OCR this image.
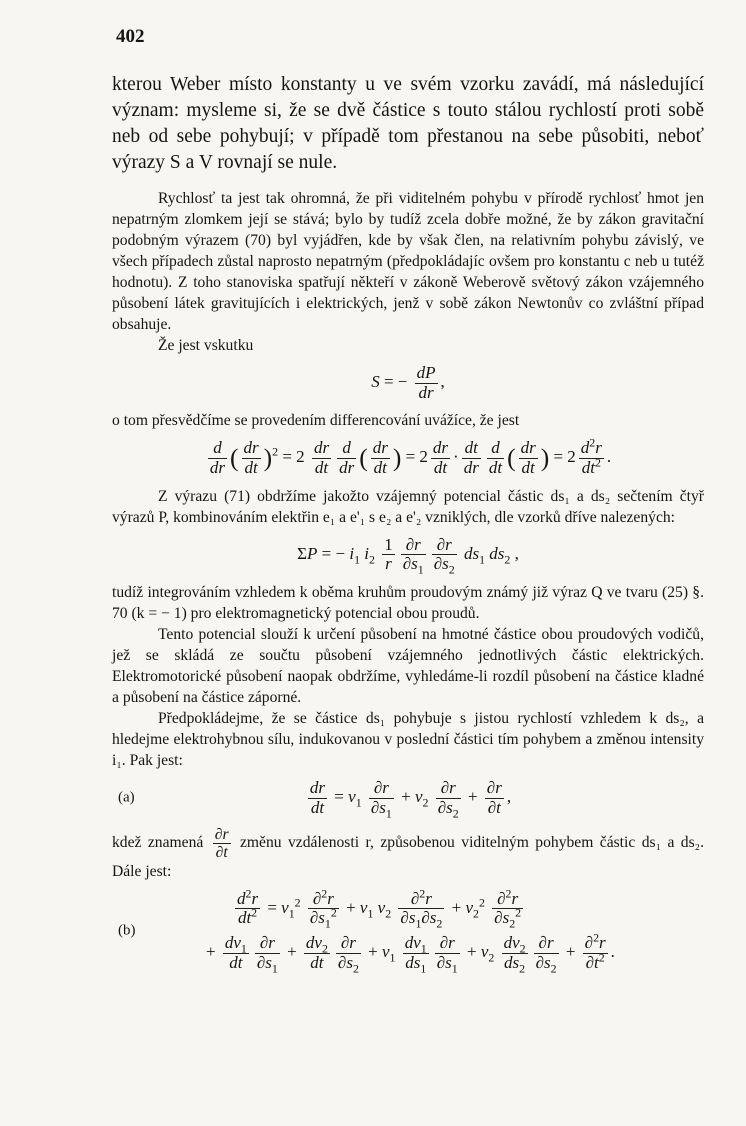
402

kterou Weber místo konstanty u ve svém vzorku zavádí, má následující význam: mysleme si, že se dvě částice s touto stálou rychlostí proti sobě neb od sebe pohybují; v případě tom přestanou na sebe působiti, neboť výrazy S a V rovnají se nule.

Rychlosť ta jest tak ohromná, že při viditelném pohybu v přírodě rychlosť hmot jen nepatrným zlomkem její se stává; bylo by tudíž zcela dobře možné, že by zákon gravitační podobným výrazem (70) byl vyjádřen, kde by však člen, na relativním pohybu závislý, ve všech případech zůstal naprosto nepatrným (předpokládajíc ovšem pro konstantu c neb u tutéž hodnotu). Z toho stanoviska spatřují někteří v zákoně Weberově světový zákon vzájemného působení látek gravitujících i elektrických, jenž v sobě zákon Newtonův co zvláštní případ obsahuje.

Že jest vskutku

S = − $\frac{dP}{dr}$ ,

o tom přesvědčíme se provedením differencování uvážíce, že jest

$\frac{d}{dr}$ ( $\frac{dr}{dt} )^2 = 2 \frac{dr}{dt} \frac{d}{dr}$ ( $\frac{dr}{dt}$ ) = $2 \frac{dr}{dt} \cdot \frac{dt}{dr} \frac{d}{dt}$ ( $\frac{dr}{dt}$ ) = $2 \frac{d^2r}{dt^2}$ .

Z výrazu (71) obdržíme jakožto vzájemný potencial částic ds₁ a ds₂ sečtením čtyř výrazů P, kombinováním elektřin e₁ a e'₁ s e₂ a e'₂ vzniklých, dle vzorků dříve nalezených:

ΣP = − $i_1$ $i_2 \frac{1}{r} \frac{\partial r}{\partial s_1} \frac{\partial r}{\partial s_2} ds_1$ $ds_2$ ,

tudíž integrováním vzhledem k oběma kruhům proudovým známý již výraz Q ve tvaru (25) §. 70 (k = − 1) pro elektromagnetický potencial obou proudů.

Tento potencial slouží k určení působení na hmotné částice obou proudových vodičů, jež se skládá ze součtu působení vzájemného jednotlivých částic elektrických. Elektromotorické působení naopak obdržíme, vyhledáme-li rozdíl působení na částice kladné a působení na částice záporné.

Předpokládejme, že se částice ds₁ pohybuje s jistou rychlostí vzhledem k ds₂, a hledejme elektrohybnou sílu, indukovanou v poslední částici tím pohybem a změnou intensity i₁. Pak jest:

(a)	$\frac{dr}{dt} = v_1 \frac{\partial r}{\partial s_1} + v_2 \frac{\partial r}{\partial s_2} + \frac{\partial r}{\partial t}$ ,

kdež znamená $\frac{\partial r}{\partial t}$ změnu vzdálenosti r, způsobenou viditelným pohybem částic ds₁ a ds₂. Dále jest:

(b)
$\frac{d^2r}{dt^2} = v_1^2 \frac{\partial^2r}{\partial s_1^2} + v_1$ $v_2 \frac{\partial^2r}{\partial s_1\partial s_2} + v_2^2 \frac{\partial^2r}{\partial s_2^2}$
+ $\frac{dv_1}{dt} \frac{\partial r}{\partial s_1} + \frac{dv_2}{dt} \frac{\partial r}{\partial s_2} + v_1 \frac{dv_1}{ds_1} \frac{\partial r}{\partial s_1} + v_2 \frac{dv_2}{ds_2} \frac{\partial r}{\partial s_2} + \frac{\partial^2r}{\partial t^2}$ .
